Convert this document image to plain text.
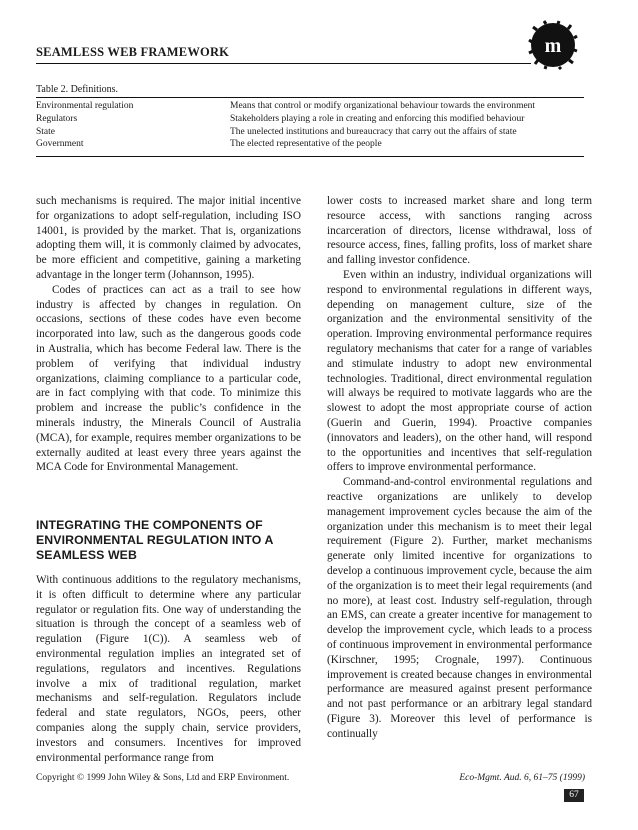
SEAMLESS WEB FRAMEWORK	m
Table 2. Definitions.
Environmental regulation	Means that control or modify organizational behaviour towards the environment
Regulators	Stakeholders playing a role in creating and enforcing this modified behaviour
State	The unelected institutions and bureaucracy that carry out the affairs of state
Government	The elected representative of the people

such mechanisms is required. The major initial incentive for organizations to adopt self-regulation, including ISO 14001, is provided by the market. That is, organizations adopting them will, it is commonly claimed by advocates, be more efficient and competitive, gaining a marketing advantage in the longer term (Johannson, 1995).

Codes of practices can act as a trail to see how industry is affected by changes in regulation. On occasions, sections of these codes have even become incorporated into law, such as the dangerous goods code in Australia, which has become Federal law. There is the problem of verifying that individual industry organizations, claiming compliance to a particular code, are in fact complying with that code. To minimize this problem and increase the public’s confidence in the minerals industry, the Minerals Council of Australia (MCA), for example, requires member organizations to be externally audited at least every three years against the MCA Code for Environmental Management.

INTEGRATING THE COMPONENTS OF ENVIRONMENTAL REGULATION INTO A SEAMLESS WEB

With continuous additions to the regulatory mechanisms, it is often difficult to determine where any particular regulator or regulation fits. One way of understanding the situation is through the concept of a seamless web of regulation (Figure 1(C)). A seamless web of environmental regulation implies an integrated set of regulations, regulators and incentives. Regulations involve a mix of traditional regulation, market mechanisms and self-regulation. Regulators include federal and state regulators, NGOs, peers, other companies along the supply chain, service providers, investors and consumers. Incentives for improved environmental performance range from

lower costs to increased market share and long term resource access, with sanctions ranging across incarceration of directors, license withdrawal, loss of resource access, fines, falling profits, loss of market share and falling investor confidence.

Even within an industry, individual organizations will respond to environmental regulations in different ways, depending on management culture, size of the organization and the environmental sensitivity of the operation. Improving environmental performance requires regulatory mechanisms that cater for a range of variables and stimulate industry to adopt new environmental technologies. Traditional, direct environmental regulation will always be required to motivate laggards who are the slowest to adopt the most appropriate course of action (Guerin and Guerin, 1994). Proactive companies (innovators and leaders), on the other hand, will respond to the opportunities and incentives that self-regulation offers to improve environmental performance.

Command-and-control environmental regulations and reactive organizations are unlikely to develop management improvement cycles because the aim of the organization under this mechanism is to meet their legal requirement (Figure 2). Further, market mechanisms generate only limited incentive for organizations to develop a continuous improvement cycle, because the aim of the organization is to meet their legal requirements (and no more), at least cost. Industry self-regulation, through an EMS, can create a greater incentive for management to develop the improvement cycle, which leads to a process of continuous improvement in environmental performance (Kirschner, 1995; Crognale, 1997). Continuous improvement is created because changes in environmental performance are measured against present performance and not past performance or an arbitrary legal standard (Figure 3). Moreover this level of performance is continually

Copyright © 1999 John Wiley & Sons, Ltd and ERP Environment.	Eco-Mgmt. Aud. 6, 61–75 (1999)
67
